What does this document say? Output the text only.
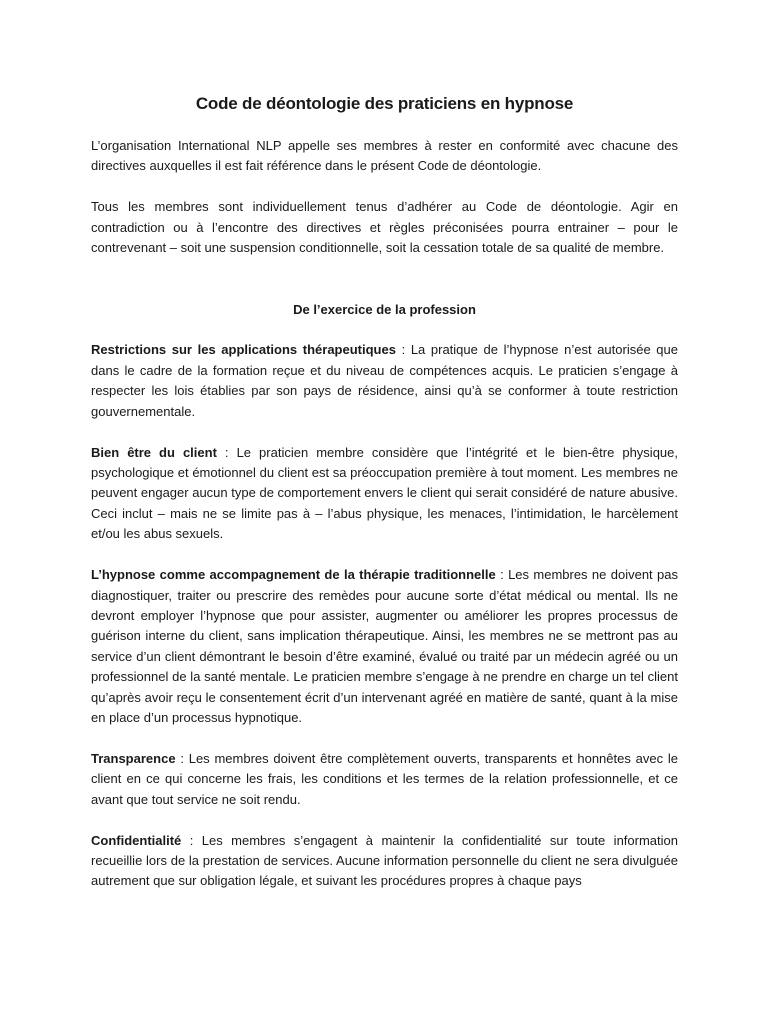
Code de déontologie des praticiens en hypnose

L’organisation International NLP appelle ses membres à rester en conformité avec chacune des directives auxquelles il est fait référence dans le présent Code de déontologie.

Tous les membres sont individuellement tenus d’adhérer au Code de déontologie. Agir en contradiction ou à l’encontre des directives et règles préconisées pourra entrainer – pour le contrevenant – soit une suspension conditionnelle, soit la cessation totale de sa qualité de membre.

De l’exercice de la profession

Restrictions sur les applications thérapeutiques : La pratique de l’hypnose n’est autorisée que dans le cadre de la formation reçue et du niveau de compétences acquis. Le praticien s’engage à respecter les lois établies par son pays de résidence, ainsi qu’à se conformer à toute restriction gouvernementale.

Bien être du client : Le praticien membre considère que l’intégrité et le bien-être physique, psychologique et émotionnel du client est sa préoccupation première à tout moment. Les membres ne peuvent engager aucun type de comportement envers le client qui serait considéré de nature abusive. Ceci inclut – mais ne se limite pas à – l’abus physique, les menaces, l’intimidation, le harcèlement et/ou les abus sexuels.

L’hypnose comme accompagnement de la thérapie traditionnelle : Les membres ne doivent pas diagnostiquer, traiter ou prescrire des remèdes pour aucune sorte d’état médical ou mental. Ils ne devront employer l’hypnose que pour assister, augmenter ou améliorer les propres processus de guérison interne du client, sans implication thérapeutique. Ainsi, les membres ne se mettront pas au service d’un client démontrant le besoin d’être examiné, évalué ou traité par un médecin agréé ou un professionnel de la santé mentale. Le praticien membre s’engage à ne prendre en charge un tel client qu’après avoir reçu le consentement écrit d’un intervenant agréé en matière de santé, quant à la mise en place d’un processus hypnotique.

Transparence : Les membres doivent être complètement ouverts, transparents et honnêtes avec le client en ce qui concerne les frais, les conditions et les termes de la relation professionnelle, et ce avant que tout service ne soit rendu.

Confidentialité : Les membres s’engagent à maintenir la confidentialité sur toute information recueillie lors de la prestation de services. Aucune information personnelle du client ne sera divulguée autrement que sur obligation légale, et suivant les procédures propres à chaque pays
